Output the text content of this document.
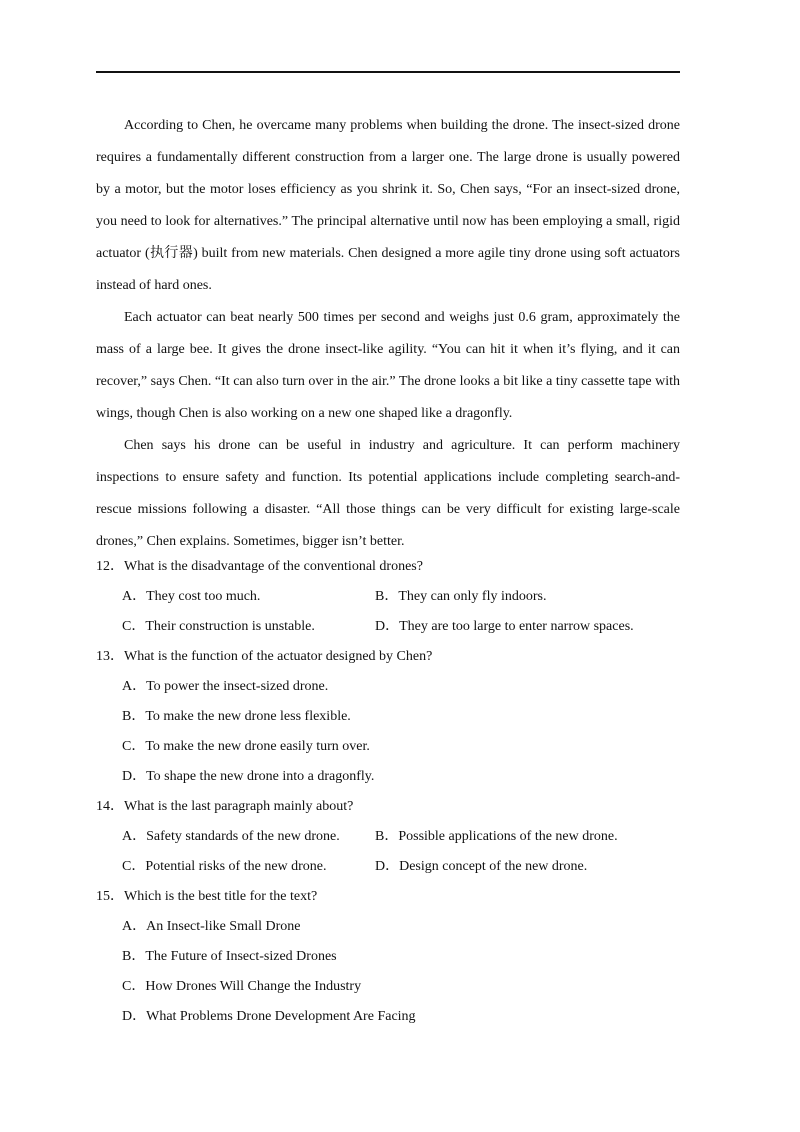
According to Chen, he overcame many problems when building the drone. The insect-sized drone requires a fundamentally different construction from a larger one. The large drone is usually powered by a motor, but the motor loses efficiency as you shrink it. So, Chen says, “For an insect-sized drone, you need to look for alternatives.” The principal alternative until now has been employing a small, rigid actuator (执行器) built from new materials. Chen designed a more agile tiny drone using soft actuators instead of hard ones.

Each actuator can beat nearly 500 times per second and weighs just 0.6 gram, approximately the mass of a large bee. It gives the drone insect-like agility. “You can hit it when it’s flying, and it can recover,” says Chen. “It can also turn over in the air.” The drone looks a bit like a tiny cassette tape with wings, though Chen is also working on a new one shaped like a dragonfly.

Chen says his drone can be useful in industry and agriculture. It can perform machinery inspections to ensure safety and function. Its potential applications include completing search-and-rescue missions following a disaster. “All those things can be very difficult for existing large-scale drones,” Chen explains. Sometimes, bigger isn’t better.

12．What is the disadvantage of the conventional drones?
A．They cost too much.	B．They can only fly indoors.
C．Their construction is unstable.	D．They are too large to enter narrow spaces.
13．What is the function of the actuator designed by Chen?
A．To power the insect-sized drone.
B．To make the new drone less flexible.
C．To make the new drone easily turn over.
D．To shape the new drone into a dragonfly.
14．What is the last paragraph mainly about?
A．Safety standards of the new drone.	B．Possible applications of the new drone.
C．Potential risks of the new drone.	D．Design concept of the new drone.
15．Which is the best title for the text?
A．An Insect-like Small Drone
B．The Future of Insect-sized Drones
C．How Drones Will Change the Industry
D．What Problems Drone Development Are Facing
